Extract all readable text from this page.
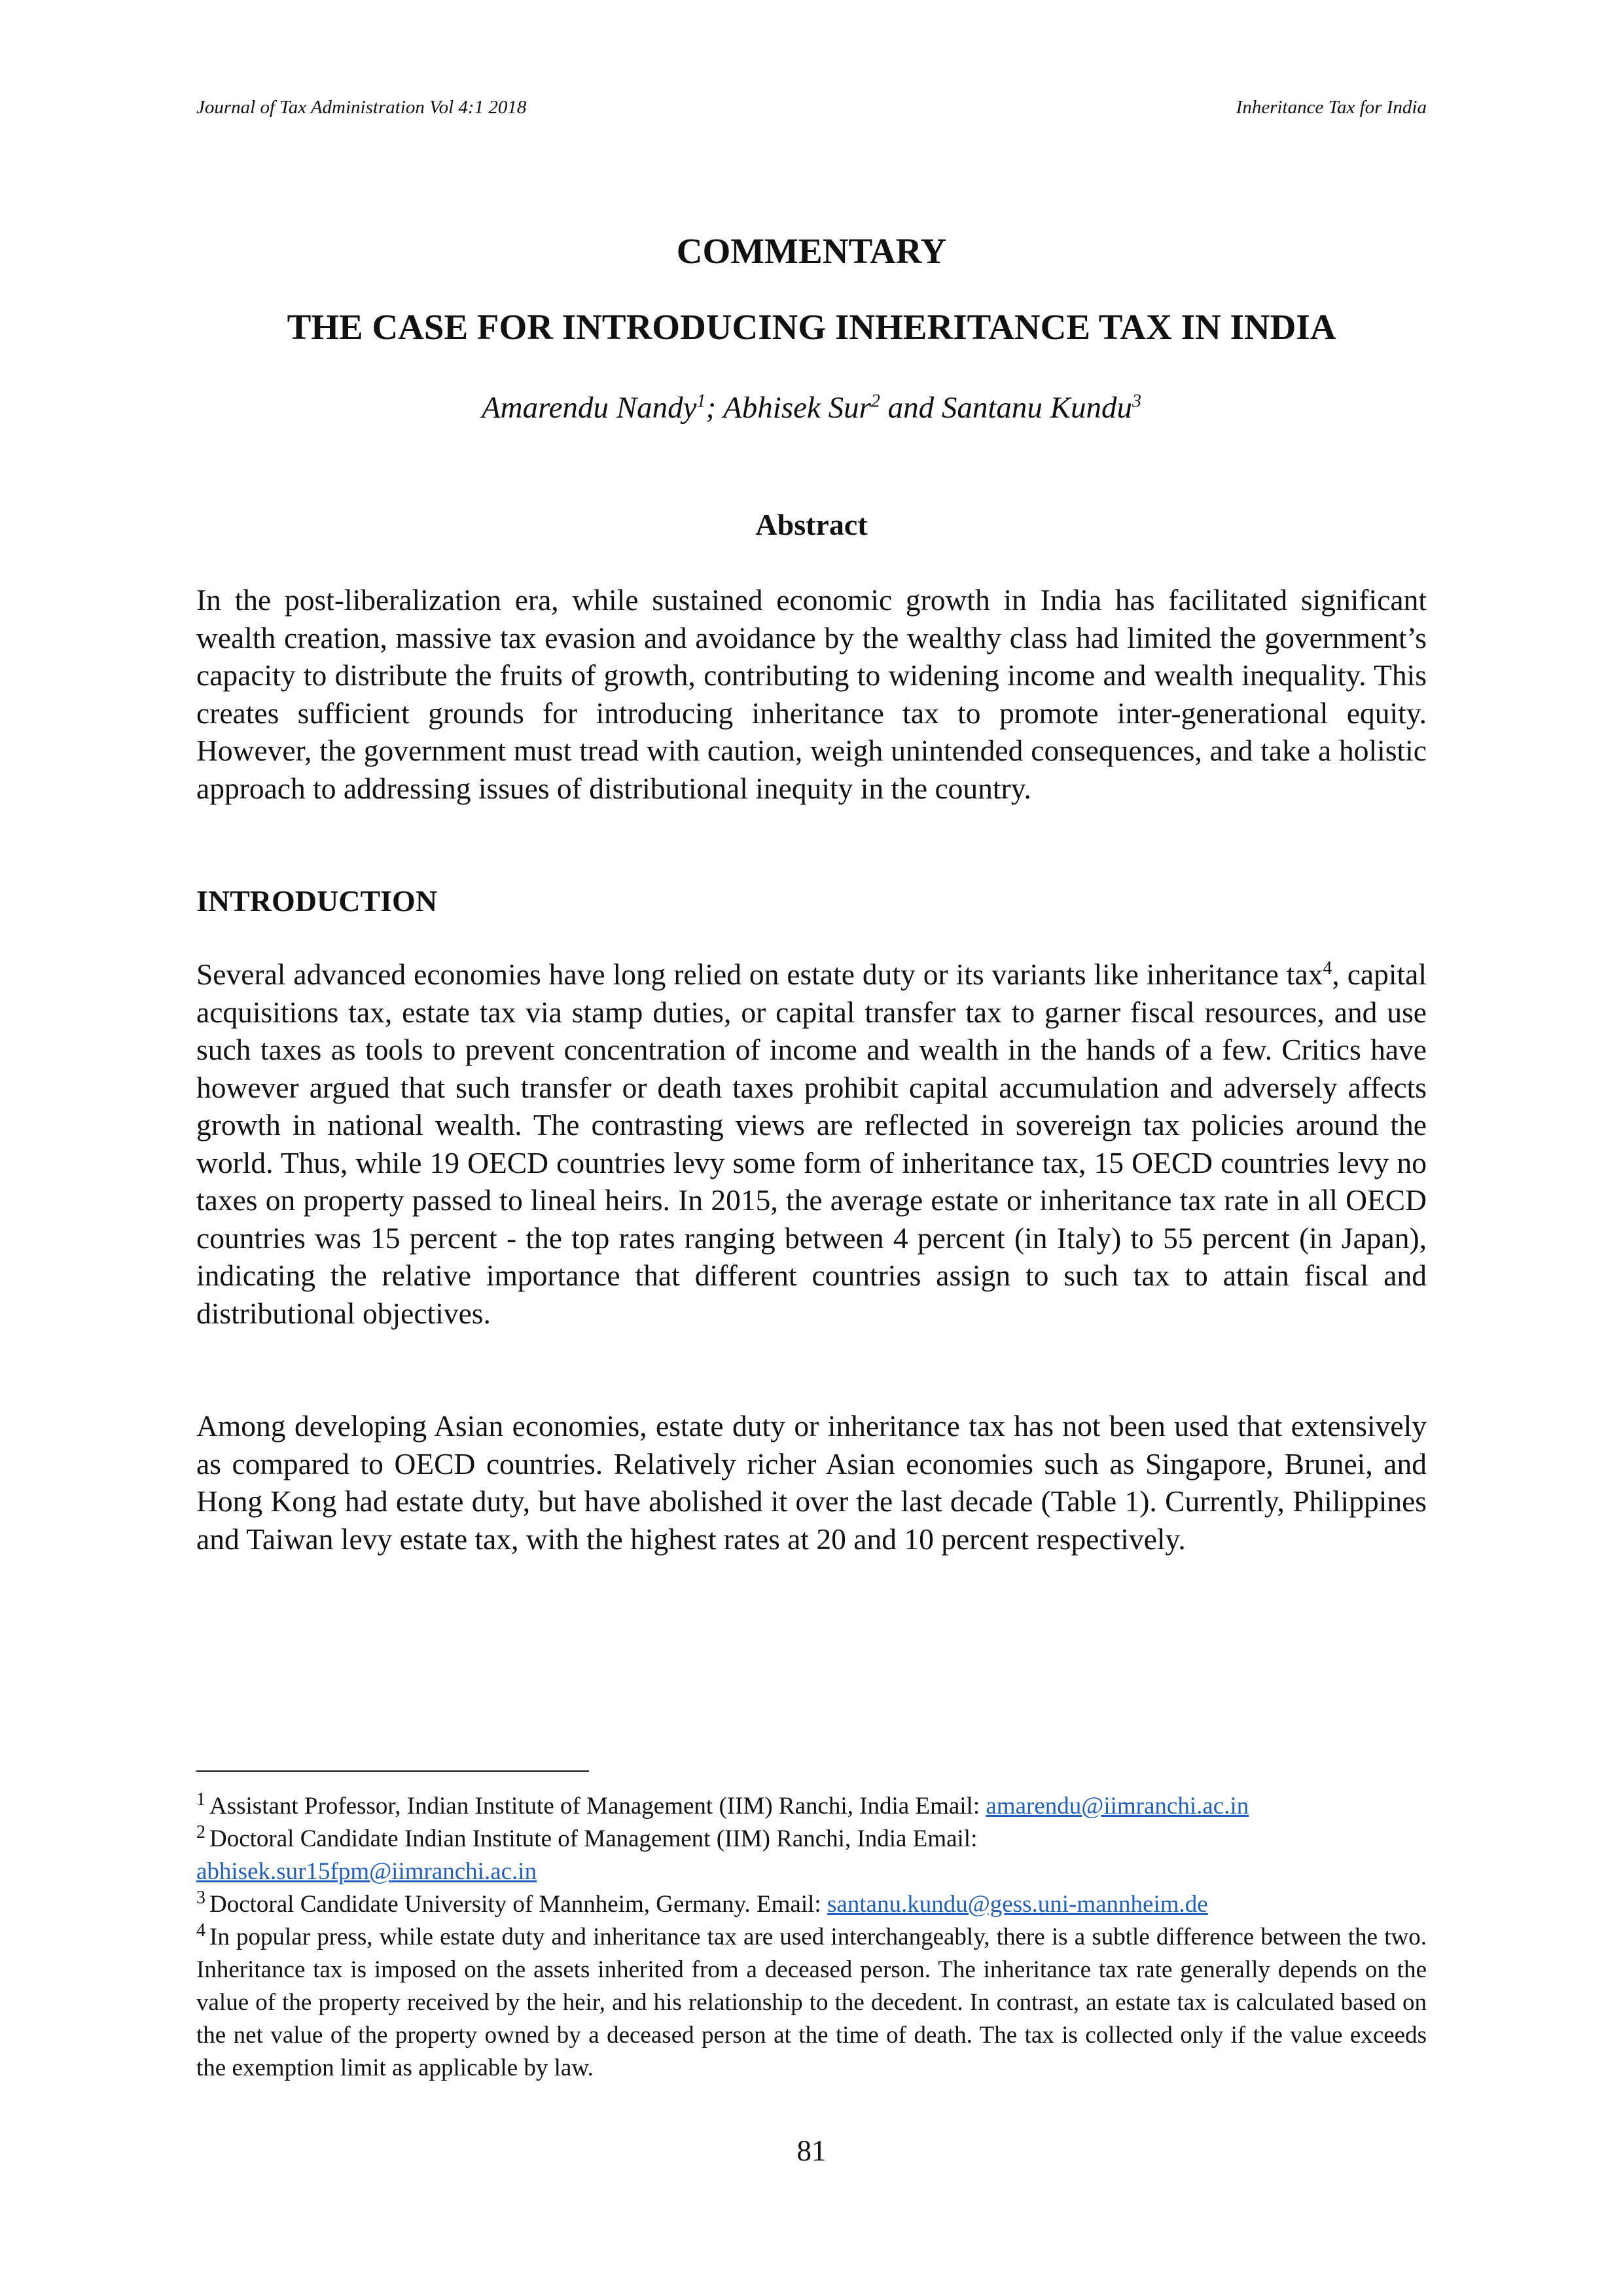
Journal of Tax Administration Vol 4:1 2018	Inheritance Tax for India
COMMENTARY
THE CASE FOR INTRODUCING INHERITANCE TAX IN INDIA
Amarendu Nandy$^1$; Abhisek Sur$^2$ and Santanu Kundu$^3$
Abstract
In the post-liberalization era, while sustained economic growth in India has facilitated significant wealth creation, massive tax evasion and avoidance by the wealthy class had limited the government’s capacity to distribute the fruits of growth, contributing to widening income and wealth inequality. This creates sufficient grounds for introducing inheritance tax to promote inter-generational equity. However, the government must tread with caution, weigh unintended consequences, and take a holistic approach to addressing issues of distributional inequity in the country.
INTRODUCTION
Several advanced economies have long relied on estate duty or its variants like inheritance tax$^4$, capital acquisitions tax, estate tax via stamp duties, or capital transfer tax to garner fiscal resources, and use such taxes as tools to prevent concentration of income and wealth in the hands of a few. Critics have however argued that such transfer or death taxes prohibit capital accumulation and adversely affects growth in national wealth. The contrasting views are reflected in sovereign tax policies around the world. Thus, while 19 OECD countries levy some form of inheritance tax, 15 OECD countries levy no taxes on property passed to lineal heirs. In 2015, the average estate or inheritance tax rate in all OECD countries was 15 percent - the top rates ranging between 4 percent (in Italy) to 55 percent (in Japan), indicating the relative importance that different countries assign to such tax to attain fiscal and distributional objectives.
Among developing Asian economies, estate duty or inheritance tax has not been used that extensively as compared to OECD countries. Relatively richer Asian economies such as Singapore, Brunei, and Hong Kong had estate duty, but have abolished it over the last decade (Table 1). Currently, Philippines and Taiwan levy estate tax, with the highest rates at 20 and 10 percent respectively.
$^1$ Assistant Professor, Indian Institute of Management (IIM) Ranchi, India Email: amarendu@iimranchi.ac.in
$^2$ Doctoral Candidate Indian Institute of Management (IIM) Ranchi, India Email:
abhisek.sur15fpm@iimranchi.ac.in
$^3$ Doctoral Candidate University of Mannheim, Germany. Email: santanu.kundu@gess.uni-mannheim.de
$^4$ In popular press, while estate duty and inheritance tax are used interchangeably, there is a subtle difference between the two. Inheritance tax is imposed on the assets inherited from a deceased person. The inheritance tax rate generally depends on the value of the property received by the heir, and his relationship to the decedent. In contrast, an estate tax is calculated based on the net value of the property owned by a deceased person at the time of death. The tax is collected only if the value exceeds the exemption limit as applicable by law.
81
